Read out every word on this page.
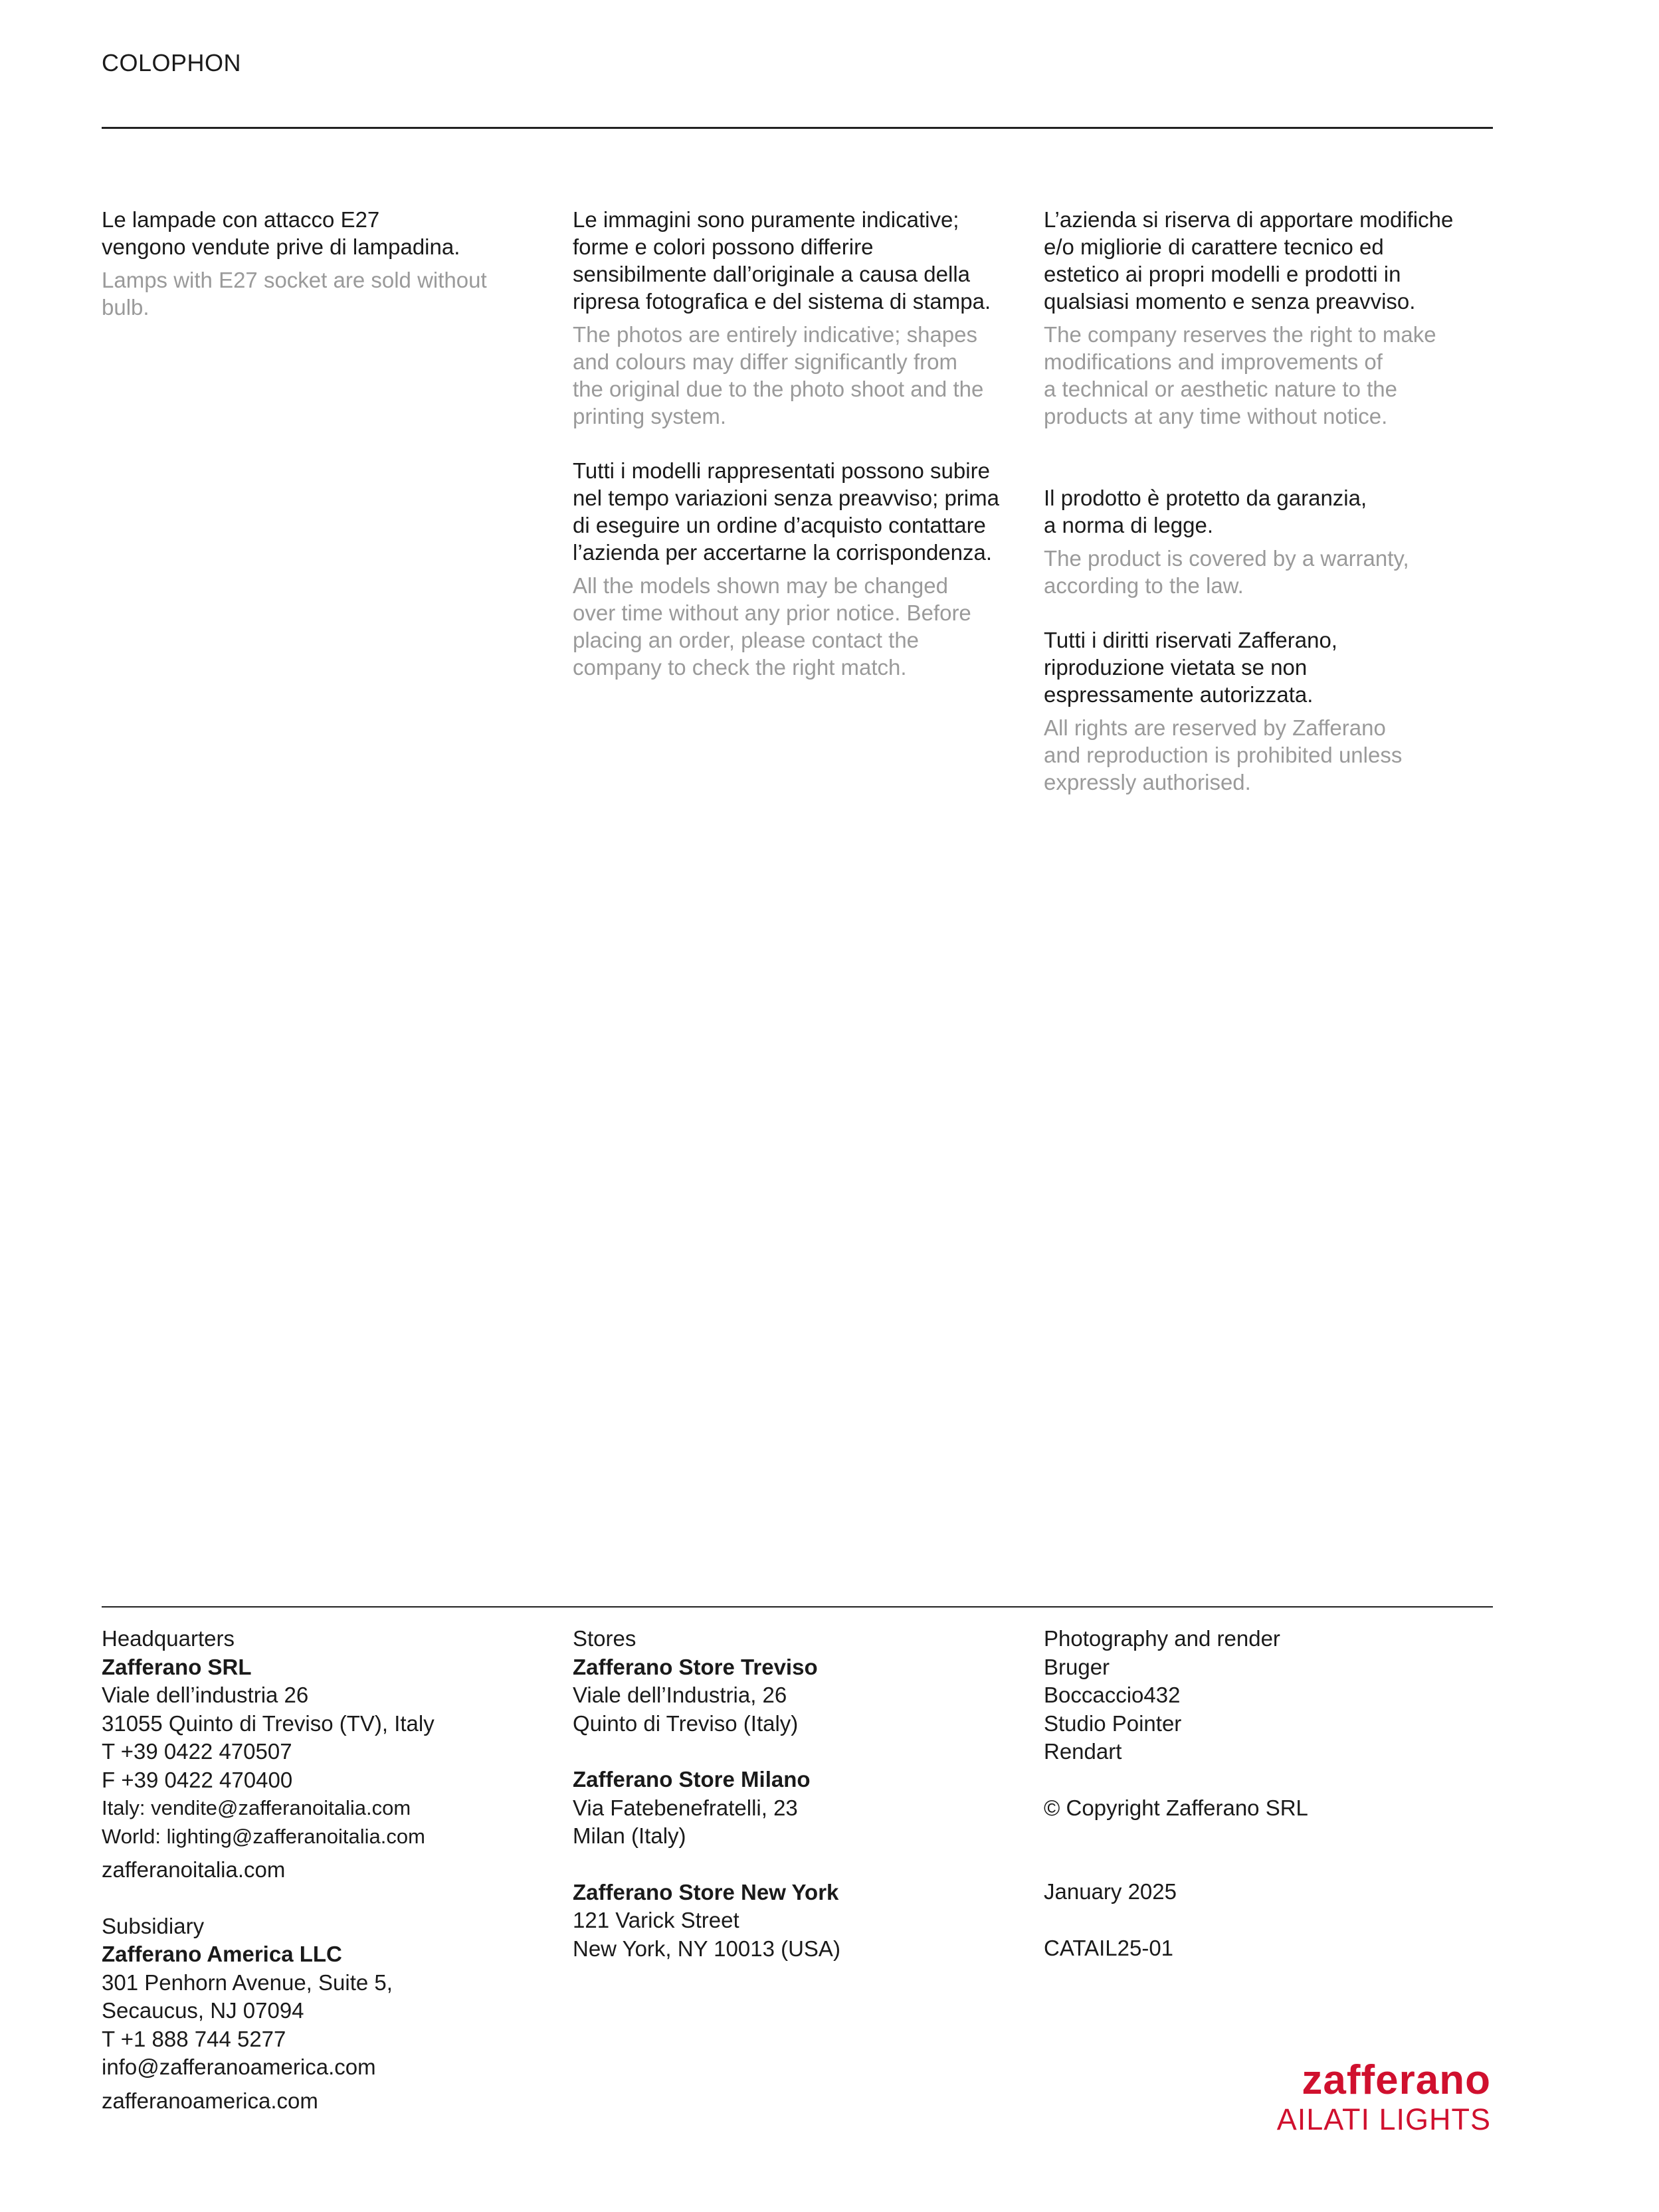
COLOPHON
Le lampade con attacco E27
vengono vendute prive di lampadina.
Lamps with E27 socket are sold without
bulb.
Le immagini sono puramente indicative;
forme e colori possono differire
sensibilmente dall’originale a causa della
ripresa fotografica e del sistema di stampa.
The photos are entirely indicative; shapes
and colours may differ significantly from
the original due to the photo shoot and the
printing system.
Tutti i modelli rappresentati possono subire
nel tempo variazioni senza preavviso; prima
di eseguire un ordine d’acquisto contattare
l’azienda per accertarne la corrispondenza.
All the models shown may be changed
over time without any prior notice. Before
placing an order, please contact the
company to check the right match.
L’azienda si riserva di apportare modifiche
e/o migliorie di carattere tecnico ed
estetico ai propri modelli e prodotti in
qualsiasi momento e senza preavviso.
The company reserves the right to make
modifications and improvements of
a technical or aesthetic nature to the
products at any time without notice.
Il prodotto è protetto da garanzia,
a norma di legge.
The product is covered by a warranty,
according to the law.
Tutti i diritti riservati Zafferano,
riproduzione vietata se non
espressamente autorizzata.
All rights are reserved by Zafferano
and reproduction is prohibited unless
expressly authorised.
Headquarters
Zafferano SRL
Viale dell’industria 26
31055 Quinto di Treviso (TV), Italy
T +39 0422 470507
F +39 0422 470400
Italy: vendite@zafferanoitalia.com
World: lighting@zafferanoitalia.com
zafferanoitalia.com
Subsidiary
Zafferano America LLC
301 Penhorn Avenue, Suite 5,
Secaucus, NJ 07094
T +1 888 744 5277
info@zafferanoamerica.com
zafferanoamerica.com
Stores
Zafferano Store Treviso
Viale dell’Industria, 26
Quinto di Treviso (Italy)
Zafferano Store Milano
Via Fatebenefratelli, 23
Milan (Italy)
Zafferano Store New York
121 Varick Street
New York, NY 10013 (USA)
Photography and render
Bruger
Boccaccio432
Studio Pointer
Rendart
© Copyright Zafferano SRL
January 2025
CATAIL25-01
zafferano
AILATI LIGHTS
